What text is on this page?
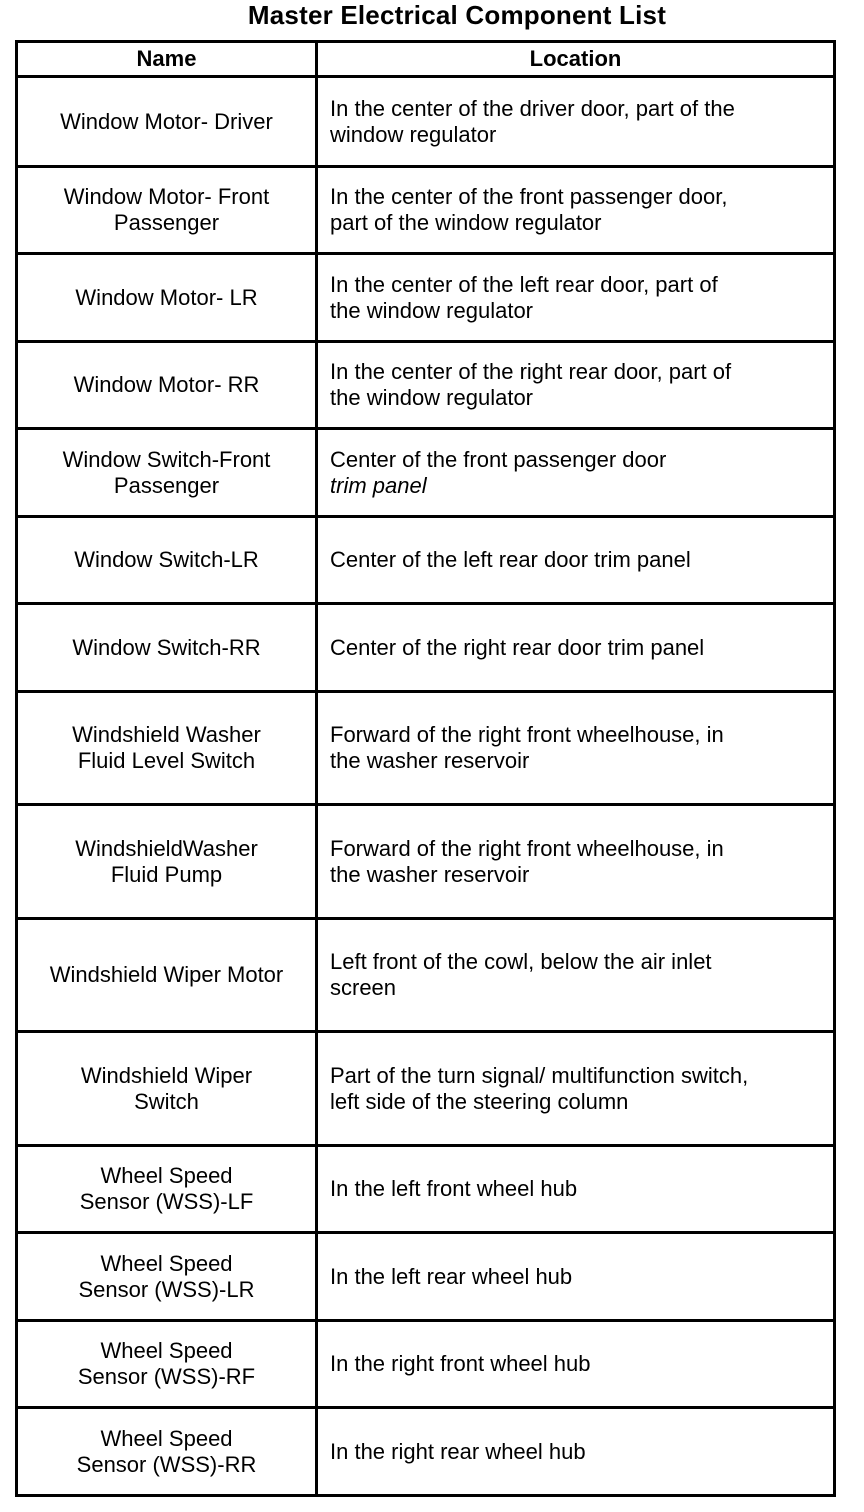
Master Electrical Component List
Name	Location

Window Motor- Driver	In the center of the driver door, part of the
window regulator

Window Motor- Front
Passenger	In the center of the front passenger door,
part of the window regulator

Window Motor- LR	In the center of the left rear door, part of
the window regulator

Window Motor- RR	In the center of the right rear door, part of
the window regulator

Window Switch-Front
Passenger	Center of the front passenger door
trim panel

Window Switch-LR	Center of the left rear door trim panel

Window Switch-RR	Center of the right rear door trim panel

Windshield Washer
Fluid Level Switch	Forward of the right front wheelhouse, in
the washer reservoir

WindshieldWasher
Fluid Pump	Forward of the right front wheelhouse, in
the washer reservoir

Windshield Wiper Motor	Left front of the cowl, below the air inlet
screen

Windshield Wiper
Switch	Part of the turn signal/ multifunction switch,
left side of the steering column

Wheel Speed
Sensor (WSS)-LF	In the left front wheel hub

Wheel Speed
Sensor (WSS)-LR	In the left rear wheel hub

Wheel Speed
Sensor (WSS)-RF	In the right front wheel hub

Wheel Speed
Sensor (WSS)-RR	In the right rear wheel hub
